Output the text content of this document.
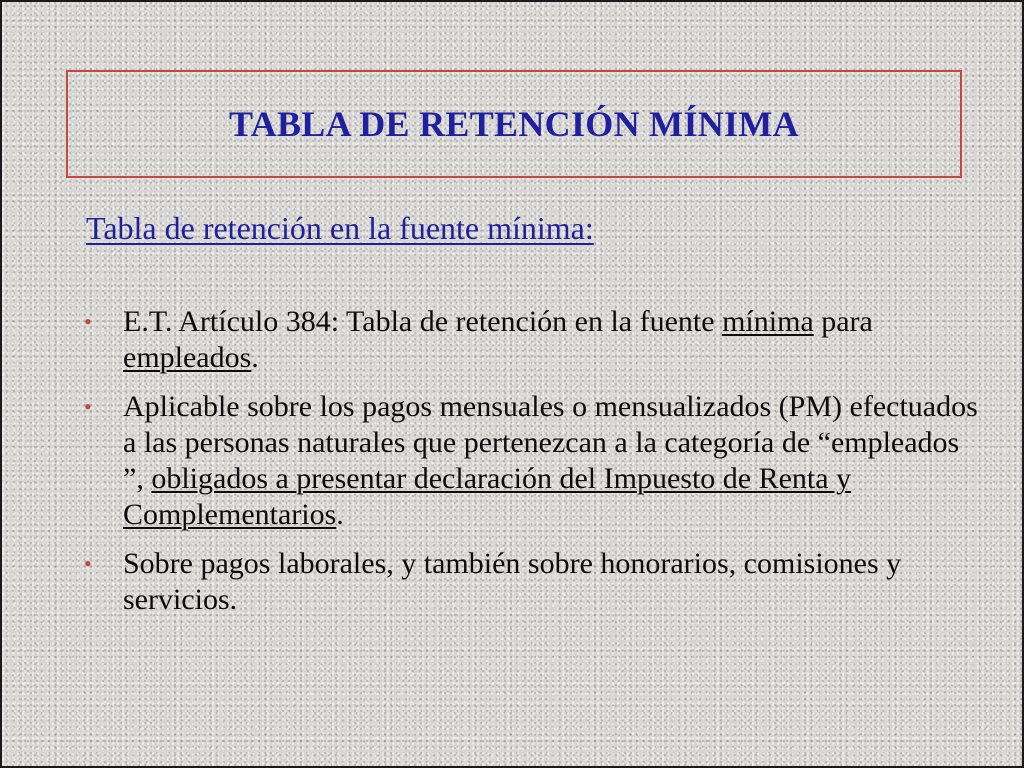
TABLA DE RETENCIÓN MÍNIMA
Tabla de retención en la fuente mínima:
• E.T. Artículo 384: Tabla de retención en la fuente mínima para empleados.
• Aplicable sobre los pagos mensuales o mensualizados (PM) efectuados a las personas naturales que pertenezcan a la categoría de “empleados ”, obligados a presentar declaración del Impuesto de Renta y Complementarios.
• Sobre pagos laborales, y también sobre honorarios, comisiones y servicios.
